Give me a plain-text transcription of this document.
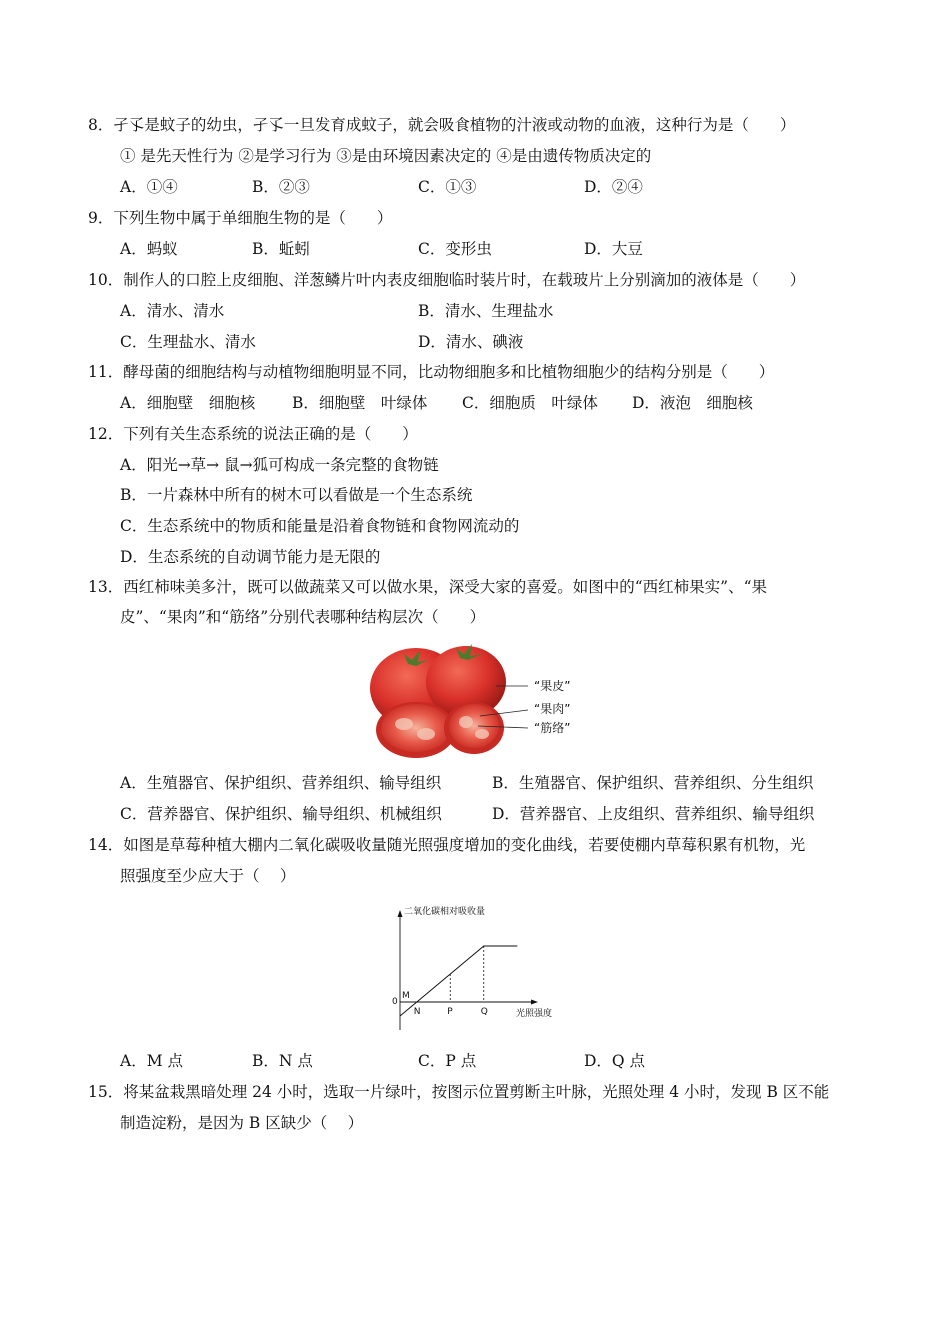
8．孑孓是蚊子的幼虫，孑孓一旦发育成蚊子，就会吸食植物的汁液或动物的血液，这种行为是（　　）
① 是先天性行为 ②是学习行为 ③是由环境因素决定的 ④是由遗传物质决定的
A．①④	B．②③	C．①③	D．②④
9．下列生物中属于单细胞生物的是（　　）
A．蚂蚁	B．蚯蚓	C．变形虫	D．大豆
10．制作人的口腔上皮细胞、洋葱鳞片叶内表皮细胞临时装片时，在载玻片上分别滴加的液体是（　　）
A．清水、清水	B．清水、生理盐水
C．生理盐水、清水	D．清水、碘液
11．酵母菌的细胞结构与动植物细胞明显不同，比动物细胞多和比植物细胞少的结构分别是（　　）
A．细胞壁　细胞核 B．细胞壁　叶绿体 C．细胞质　叶绿体 D．液泡　细胞核
12．下列有关生态系统的说法正确的是（　　）
A．阳光→草→ 鼠→狐可构成一条完整的食物链
B．一片森林中所有的树木可以看做是一个生态系统
C．生态系统中的物质和能量是沿着食物链和食物网流动的
D．生态系统的自动调节能力是无限的
13．西红柿味美多汁，既可以做蔬菜又可以做水果，深受大家的喜爱。如图中的“西红柿果实”、“果
皮”、“果肉”和“筋络”分别代表哪种结构层次（　　）
“果皮”
“果肉”
“筋络”
A．生殖器官、保护组织、营养组织、输导组织	B．生殖器官、保护组织、营养组织、分生组织
C．营养器官、保护组织、输导组织、机械组织	D．营养器官、上皮组织、营养组织、输导组织
14．如图是草莓种植大棚内二氧化碳吸收量随光照强度增加的变化曲线，若要使棚内草莓积累有机物，光
照强度至少应大于（　 ）
二氧化碳相对吸收量
光照强度
0
M
N	P	Q
A．M 点	B．N 点	C．P 点	D．Q 点
15．将某盆栽黑暗处理 24 小时，选取一片绿叶，按图示位置剪断主叶脉，光照处理 4 小时，发现 B 区不能
制造淀粉，是因为 B 区缺少（　 ）
